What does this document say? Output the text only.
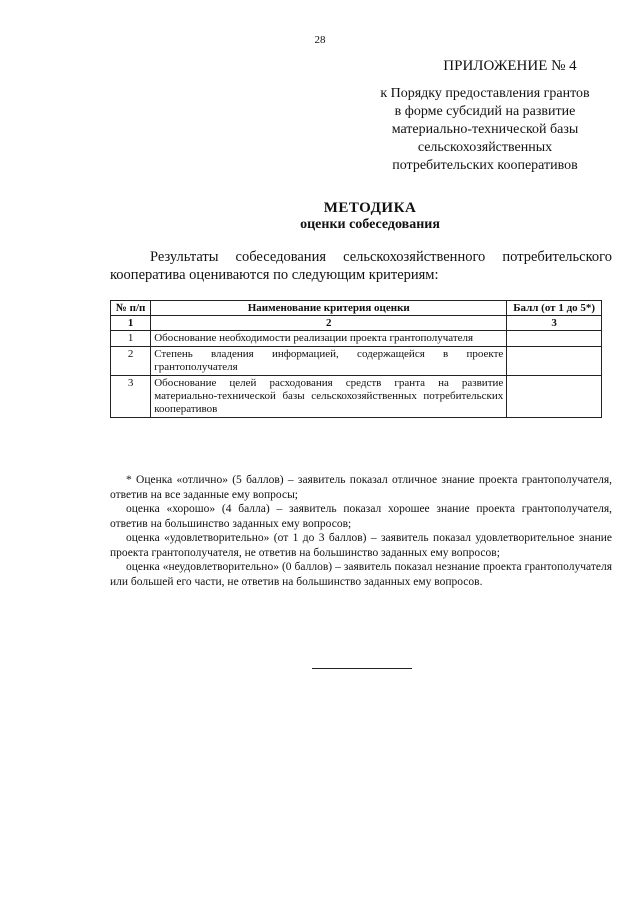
28
ПРИЛОЖЕНИЕ № 4
к Порядку предоставления грантов
в форме субсидий на развитие
материально-технической базы
сельскохозяйственных
потребительских кооперативов
МЕТОДИКА
оценки собеседования
Результаты собеседования сельскохозяйственного потребительского
кооператива оцениваются по следующим критериям:
№ п/п	Наименование критерия оценки	Балл (от 1 до 5*)
1	2	3
1	Обоснование необходимости реализации проекта грантополучателя	
2	Степень владения информацией, содержащейся в проекте грантополучателя	
3	Обоснование целей расходования средств гранта на развитие материально-технической базы сельскохозяйственных потребительских кооперативов	

* Оценка «отлично» (5 баллов) – заявитель показал отличное знание проекта грантополучателя, ответив на все заданные ему вопросы;

оценка «хорошо» (4 балла) – заявитель показал хорошее знание проекта грантополучателя, ответив на большинство заданных ему вопросов;

оценка «удовлетворительно» (от 1 до 3 баллов) – заявитель показал удовлетворительное знание проекта грантополучателя, не ответив на большинство заданных ему вопросов;

оценка «неудовлетворительно» (0 баллов) – заявитель показал незнание проекта грантополучателя или большей его части, не ответив на большинство заданных ему вопросов.
